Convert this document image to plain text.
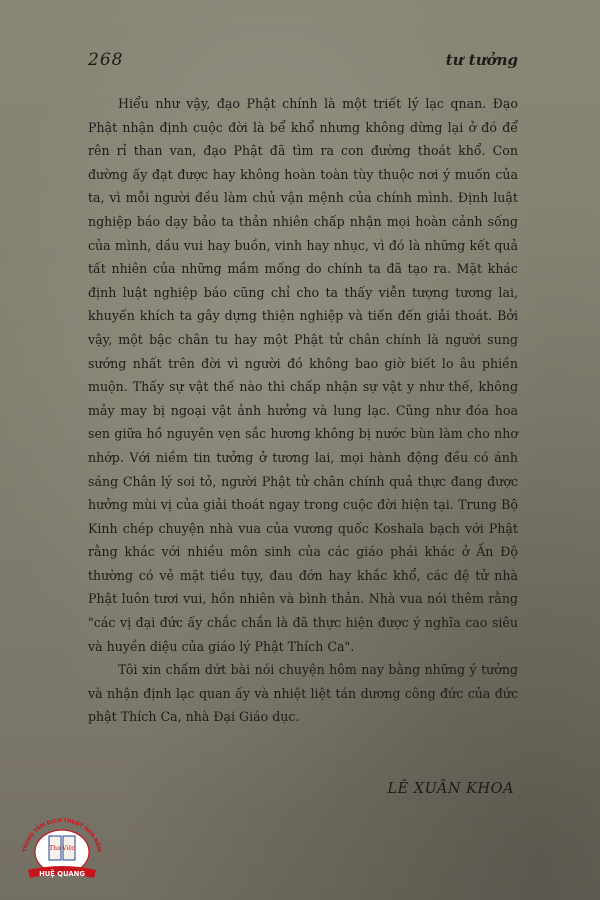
268	tư tưởng

Hiểu như vậy, đạo Phật chính là một triết lý lạc qnan. Đạo Phật nhận định cuộc đời là bể khổ nhưng không dừng lại ở đó để rên rỉ than van, đạo Phật đã tìm ra con đường thoát khổ. Con đường ấy đạt được hay không hoàn toàn tùy thuộc nơi ý muốn của ta, vì mỗi người đều làm chủ vận mệnh của chính mình. Định luật nghiệp báo dạy bảo ta thản nhiên chấp nhận mọi hoàn cảnh sống của mình, dầu vui hay buồn, vinh hay nhục, vì đó là những kết quả tất nhiên của những mầm mống do chính ta đã tạo ra. Mặt khác định luật nghiệp báo cũng chỉ cho ta thấy viễn tượng tương lai, khuyến khích ta gây dựng thiện nghiệp và tiến đến giải thoát. Bởi vậy, một bậc chân tu hay một Phật tử chân chính là người sung sướng nhất trên đời vì người đó không bao giờ biết lo âu phiền muộn. Thấy sự vật thế nào thì chấp nhận sự vật y như thế, không mảy may bị ngoại vật ảnh hưởng và lung lạc. Cũng như đóa hoa sen giữa hồ nguyên vẹn sắc hương không bị nước bùn làm cho nhơ nhớp. Với niềm tin tưởng ở tương lai, mọi hành động đều có ánh sáng Chân lý soi tỏ, người Phật tử chân chính quả thực đang được hưởng mùi vị của giải thoát ngay trong cuộc đời hiện tại. Trung Bộ Kinh chép chuyện nhà vua của vương quốc Koshala bạch với Phật rằng khác với nhiều môn sinh của các giáo phái khác ở Ấn Độ thường có vẻ mặt tiều tụy, đau đớn hay khắc khổ, các đệ tử nhà Phật luôn tươi vui, hồn nhiên và bình thản. Nhà vua nói thêm rằng "các vị đại đức ấy chắc chắn là đã thực hiện được ý nghĩa cao siêu và huyền diệu của giáo lý Phật Thích Ca".

Tôi xin chấm dứt bài nói chuyện hôm nay bằng những ý tưởng và nhận định lạc quan ấy và nhiệt liệt tán dương công đức của đức phật Thích Ca, nhà Đại Giáo dục.

LÊ XUÂN KHOA
TRUNG TÂM DỊCH THUẬT HÁN NÔM
Thư Viện
HUỆ QUANG
